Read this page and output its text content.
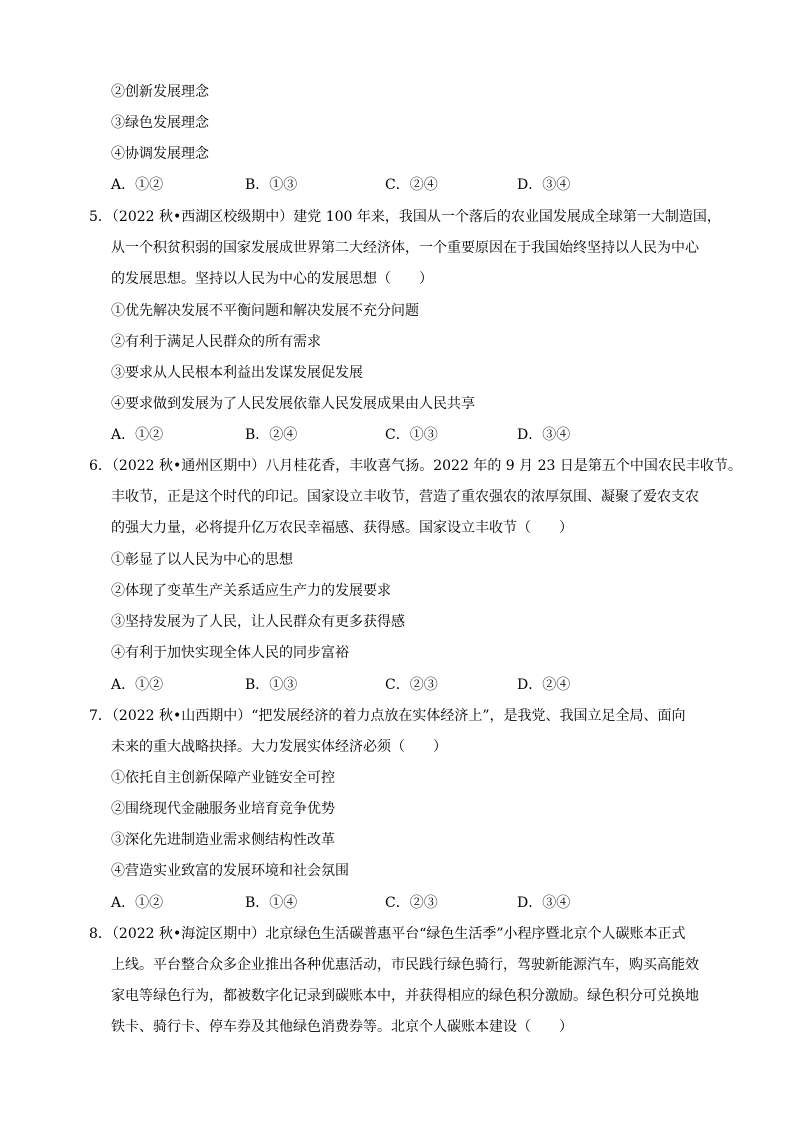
②创新发展理念
③绿色发展理念
④协调发展理念
A．①②	B．①③	C．②④	D．③④
5．（2022 秋•西湖区校级期中）建党 100 年来，我国从一个落后的农业国发展成全球第一大制造国，
从一个积贫积弱的国家发展成世界第二大经济体，一个重要原因在于我国始终坚持以人民为中心
的发展思想。坚持以人民为中心的发展思想（　　）
①优先解决发展不平衡问题和解决发展不充分问题
②有利于满足人民群众的所有需求
③要求从人民根本利益出发谋发展促发展
④要求做到发展为了人民发展依靠人民发展成果由人民共享
A．①②	B．②④	C．①③	D．③④
6．（2022 秋•通州区期中）八月桂花香，丰收喜气扬。2022 年的 9 月 23 日是第五个中国农民丰收节。
丰收节，正是这个时代的印记。国家设立丰收节，营造了重农强农的浓厚氛围、凝聚了爱农支农
的强大力量，必将提升亿万农民幸福感、获得感。国家设立丰收节（　　）
①彰显了以人民为中心的思想
②体现了变革生产关系适应生产力的发展要求
③坚持发展为了人民，让人民群众有更多获得感
④有利于加快实现全体人民的同步富裕
A．①②	B．①③	C．②③	D．②④
7．（2022 秋•山西期中）“把发展经济的着力点放在实体经济上”，是我党、我国立足全局、面向
未来的重大战略抉择。大力发展实体经济必须（　　）
①依托自主创新保障产业链安全可控
②围绕现代金融服务业培育竞争优势
③深化先进制造业需求侧结构性改革
④营造实业致富的发展环境和社会氛围
A．①②	B．①④	C．②③	D．③④
8．（2022 秋•海淀区期中）北京绿色生活碳普惠平台“绿色生活季”小程序暨北京个人碳账本正式
上线。平台整合众多企业推出各种优惠活动，市民践行绿色骑行，驾驶新能源汽车，购买高能效
家电等绿色行为，都被数字化记录到碳账本中，并获得相应的绿色积分激励。绿色积分可兑换地
铁卡、骑行卡、停车券及其他绿色消费券等。北京个人碳账本建设（　　）
